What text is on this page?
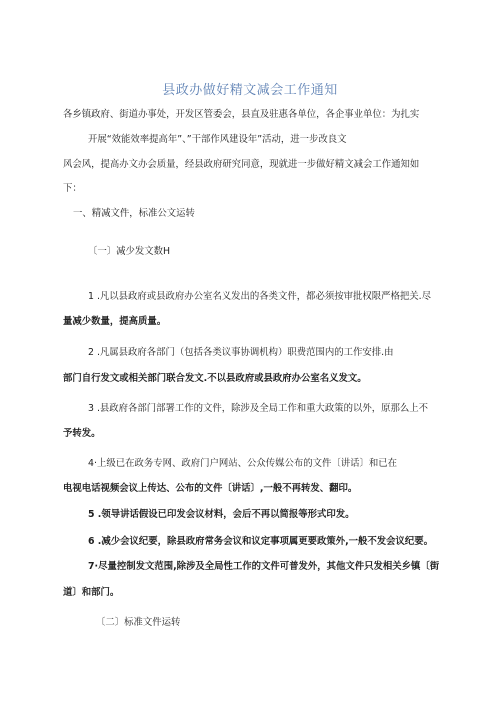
县政办做好精文减会工作通知
各乡镇政府、街道办事处，开发区管委会，县直及驻惠各单位，各企事业单位：为扎实
开展“效能效率提高年”、”干部作风建设年”活动，进一步改良文
风会风，提高办文办会质量，经县政府研究同意，现就进一步做好精文减会工作通知如
下：
一、精减文件，标准公文运转
〔一〕减少发文数H
1 .凡以县政府或县政府办公室名义发出的各类文件，都必须按审批权限严格把关.尽
量减少数量，提高质量。
2 .凡属县政府各部门（包括各类议事协调机构）职费范围内的工作安排.由
部门自行发文或相关部门联合发文.不以县政府或县政府办公室名义发文。
3 .县政府各部门部署工作的文件，除涉及全局工作和重大政策的以外，原那么上不
予转发。
4·上级已在政务专网、政府门户网站、公众传媒公布的文件〔讲话〕和已在
电视电话视频会议上传达、公布的文件〔讲话〕,一般不再转发、翻印。
5 .领导讲话假设已印发会议材料，会后不再以简报等形式印发。
6 .减少会议纪要，除县政府常务会议和议定事项属更要政策外,一般不发会议纪要。
7·尽量控制发文范围,除涉及全局性工作的文件可普发外，其他文件只发相关乡镇〔街
道〕和部门。
〔二〕标准文件运转
